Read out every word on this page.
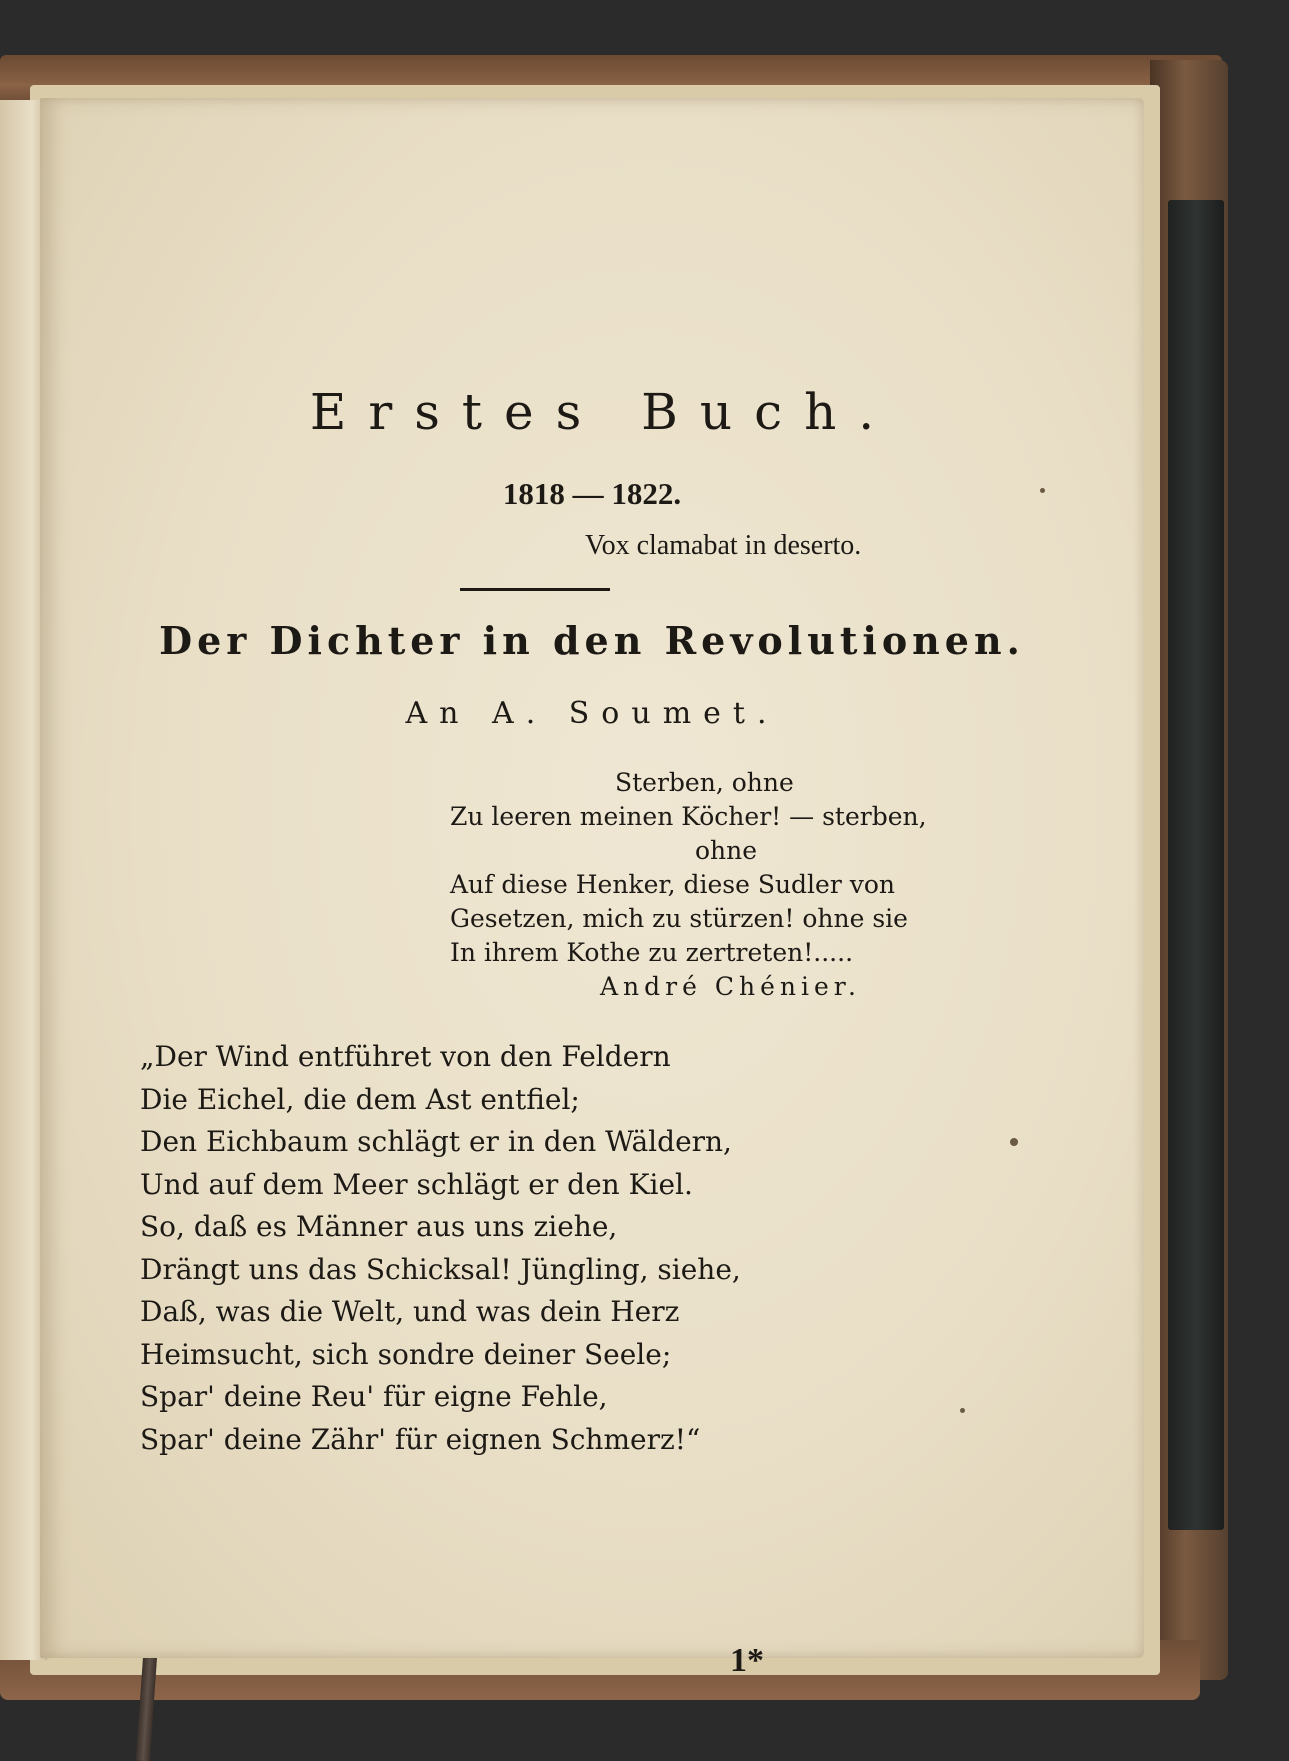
Erstes Buch.

1818 — 1822.

Vox clamabat in deserto.

Der Dichter in den Revolutionen.

An A. Soumet.

Sterben, ohne
Zu leeren meinen Köcher! — sterben,
ohne
Auf diese Henker, diese Sudler von
Gesetzen, mich zu stürzen! ohne sie
In ihrem Kothe zu zertreten!.....
André Chénier.
„Der Wind entführet von den Feldern
Die Eichel, die dem Ast entfiel;
Den Eichbaum schlägt er in den Wäldern,
Und auf dem Meer schlägt er den Kiel.
So, daß es Männer aus uns ziehe,
Drängt uns das Schicksal! Jüngling, siehe,
Daß, was die Welt, und was dein Herz
Heimsucht, sich sondre deiner Seele;
Spar' deine Reu' für eigne Fehle,
Spar' deine Zähr' für eignen Schmerz!“

1*
